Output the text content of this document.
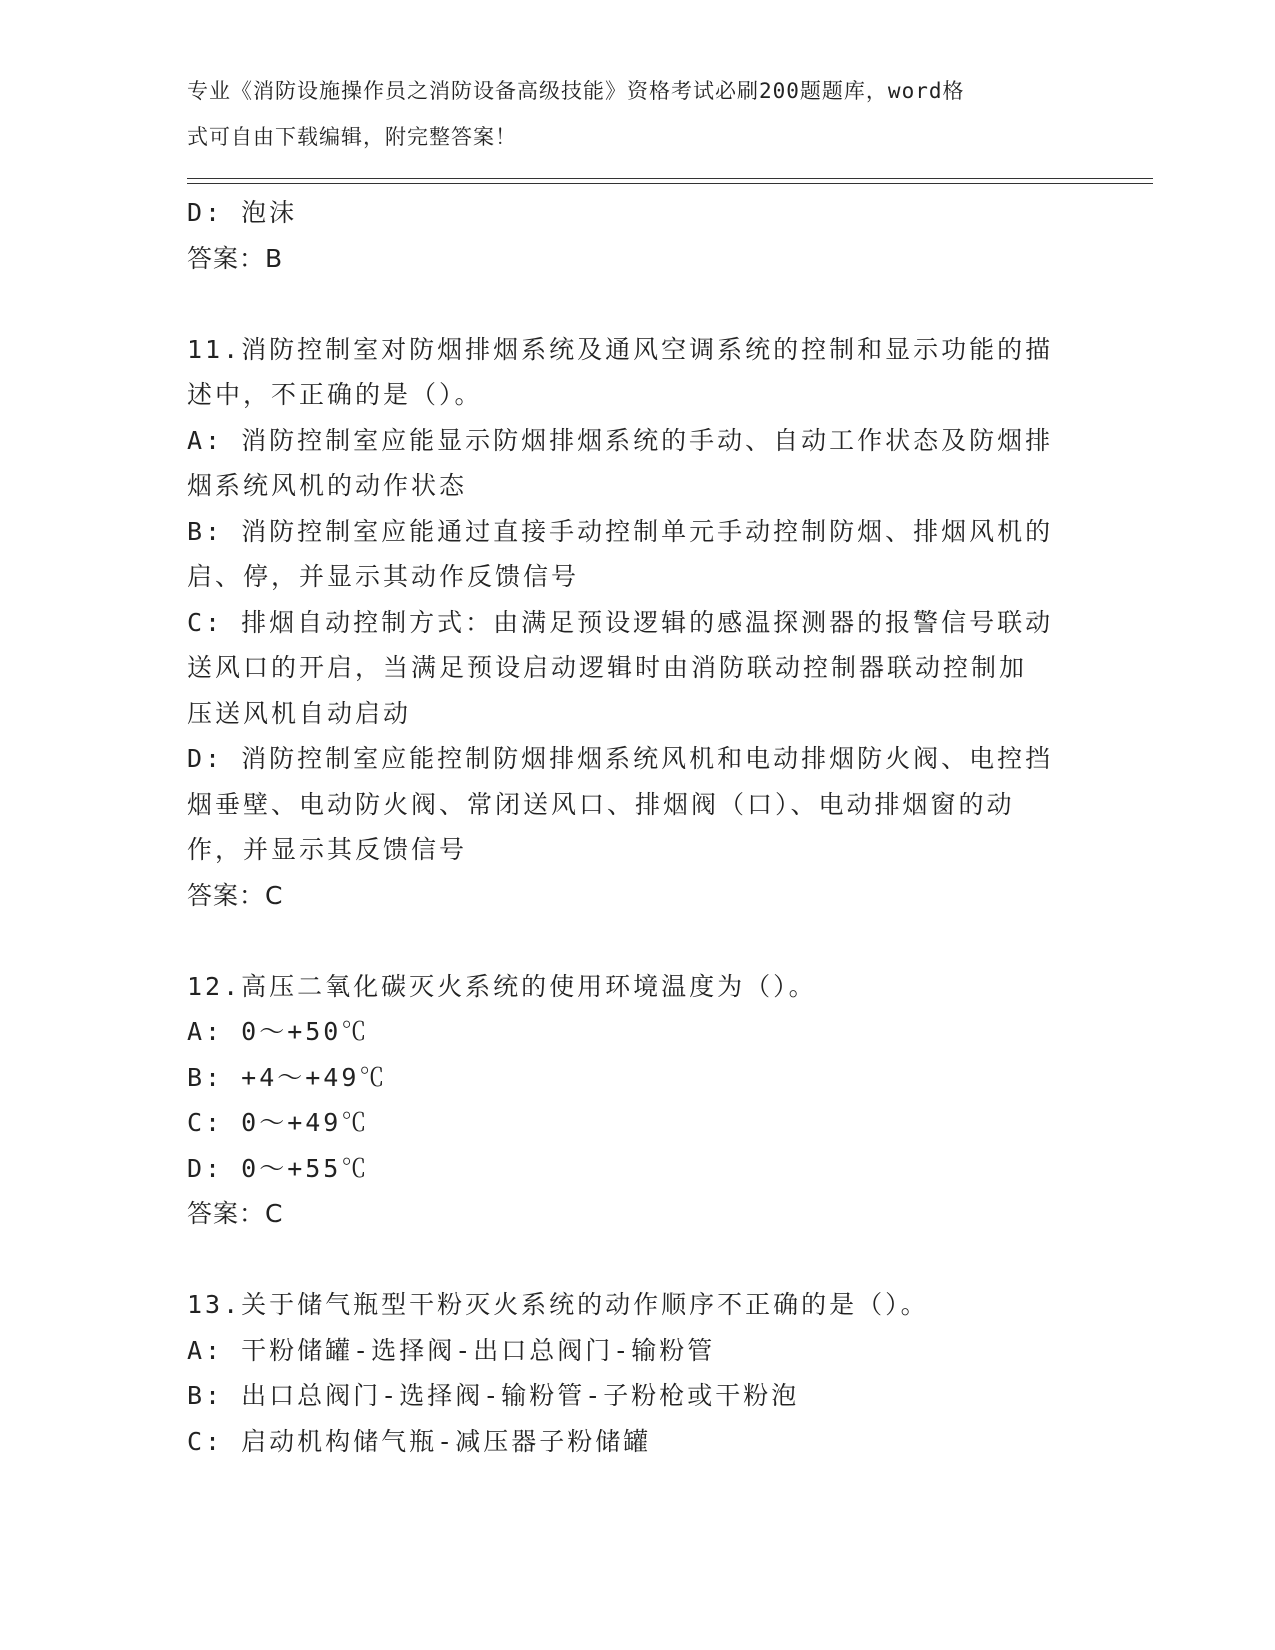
专业《消防设施操作员之消防设备高级技能》资格考试必刷200题题库，word格
式可自由下载编辑，附完整答案！
D: 泡沫
答案：B
11.消防控制室对防烟排烟系统及通风空调系统的控制和显示功能的描
述中，不正确的是（）。
A: 消防控制室应能显示防烟排烟系统的手动、自动工作状态及防烟排
烟系统风机的动作状态
B: 消防控制室应能通过直接手动控制单元手动控制防烟、排烟风机的
启、停，并显示其动作反馈信号
C: 排烟自动控制方式：由满足预设逻辑的感温探测器的报警信号联动
送风口的开启，当满足预设启动逻辑时由消防联动控制器联动控制加
压送风机自动启动
D: 消防控制室应能控制防烟排烟系统风机和电动排烟防火阀、电控挡
烟垂壁、电动防火阀、常闭送风口、排烟阀（口）、电动排烟窗的动
作，并显示其反馈信号
答案：C
12.高压二氧化碳灭火系统的使用环境温度为（）。
A: 0～+50℃
B: +4～+49℃
C: 0～+49℃
D: 0～+55℃
答案：C
13.关于储气瓶型干粉灭火系统的动作顺序不正确的是（）。
A: 干粉储罐-选择阀-出口总阀门-输粉管
B: 出口总阀门-选择阀-输粉管-子粉枪或干粉泡
C: 启动机构储气瓶-减压器子粉储罐
